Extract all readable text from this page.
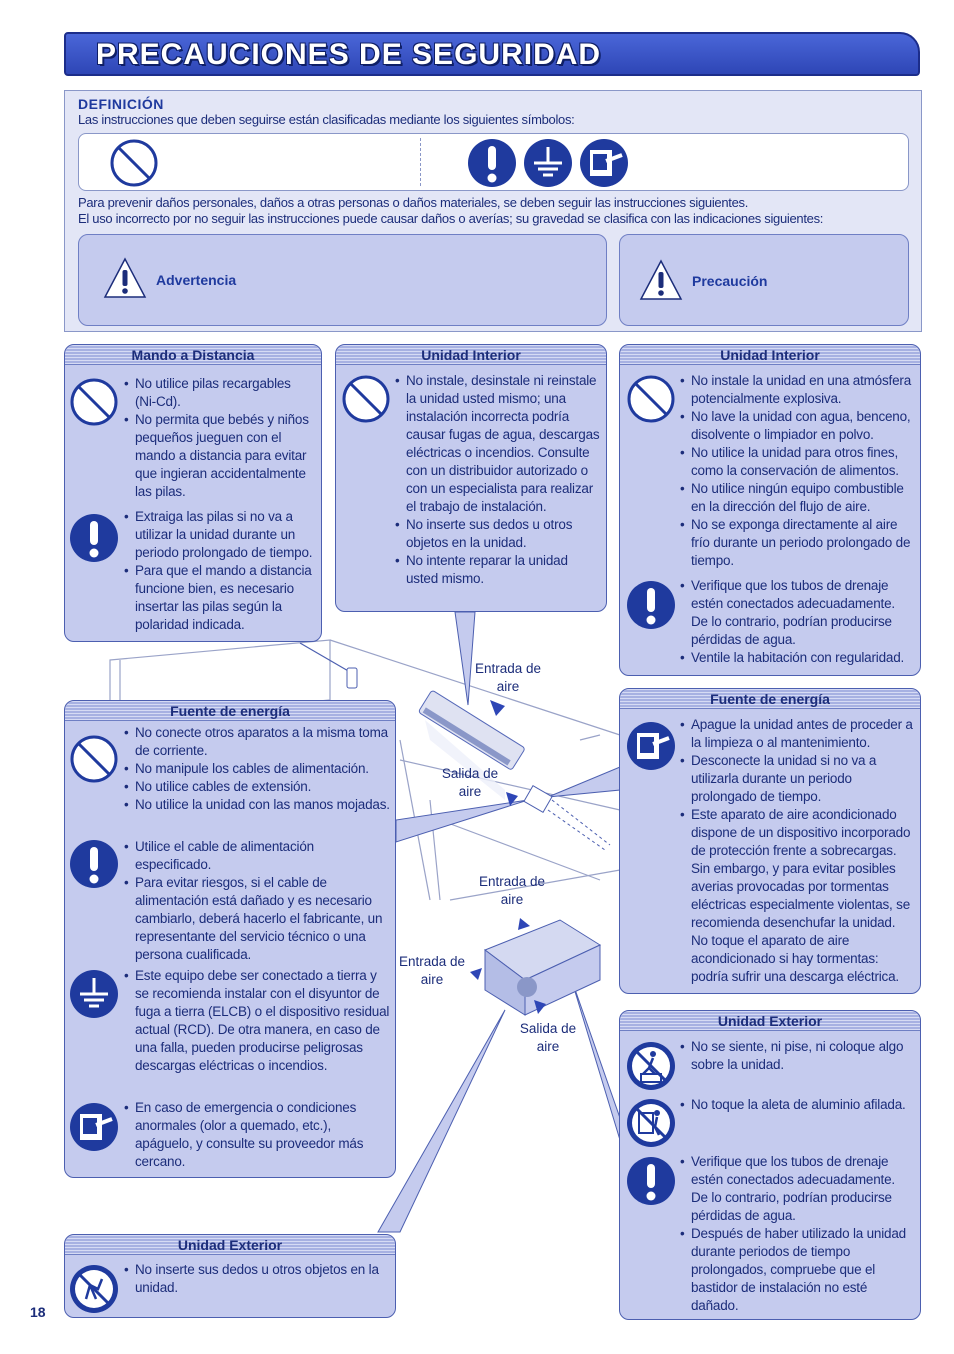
PRECAUCIONES DE SEGURIDAD
DEFINICIÓN
Las instrucciones que deben seguirse están clasificadas mediante los siguientes símbolos:
Para prevenir daños personales, daños a otras personas o daños materiales, se deben seguir las instrucciones siguientes.
El uso incorrecto por no seguir las instrucciones puede causar daños o averías; su gravedad se clasifica con las indicaciones siguientes:
Advertencia	Precaución
Mando a Distancia
• No utilice pilas recargables (Ni-Cd).
• No permita que bebés y niños pequeños jueguen con el mando a distancia para evitar que ingieran accidentalmente las pilas.
• Extraiga las pilas si no va a utilizar la unidad durante un periodo prolongado de tiempo.
• Para que el mando a distancia funcione bien, es necesario insertar las pilas según la polaridad indicada.
Unidad Interior
• No instale, desinstale ni reinstale la unidad usted mismo; una instalación incorrecta podría causar fugas de agua, descargas eléctricas o incendios. Consulte con un distribuidor autorizado o con un especialista para realizar el trabajo de instalación.
• No inserte sus dedos u otros objetos en la unidad.
• No intente reparar la unidad usted mismo.
Unidad Interior
• No instale la unidad en una atmósfera potencialmente explosiva.
• No lave la unidad con agua, benceno, disolvente o limpiador en polvo.
• No utilice la unidad para otros fines, como la conservación de alimentos.
• No utilice ningún equipo combustible en la dirección del flujo de aire.
• No se exponga directamente al aire frío durante un periodo prolongado de tiempo.
• Verifique que los tubos de drenaje estén conectados adecuadamente. De lo contrario, podrían producirse pérdidas de agua.
• Ventile la habitación con regularidad.
Fuente de energía
• No conecte otros aparatos a la misma toma de corriente.
• No manipule los cables de alimentación.
• No utilice cables de extensión.
• No utilice la unidad con las manos mojadas.
• Utilice el cable de alimentación especificado.
• Para evitar riesgos, si el cable de alimentación está dañado y es necesario cambiarlo, deberá hacerlo el fabricante, un representante del servicio técnico o una persona cualificada.
• Este equipo debe ser conectado a tierra y se recomienda instalar con el disyuntor de fuga a tierra (ELCB) o el dispositivo residual actual (RCD). De otra manera, en caso de una falla, pueden producirse peligrosas descargas eléctricas o incendios.
• En caso de emergencia o condiciones anormales (olor a quemado, etc.), apáguelo, y consulte su proveedor más cercano.
Fuente de energía
• Apague la unidad antes de proceder a la limpieza o al mantenimiento.
• Desconecte la unidad si no va a utilizarla durante un periodo prolongado de tiempo.
• Este aparato de aire acondicionado dispone de un dispositivo incorporado de protección frente a sobrecargas. Sin embargo, y para evitar posibles averias provocadas por tormentas eléctricas especialmente violentas, se recomienda desenchufar la unidad. No toque el aparato de aire acondicionado si hay tormentas: podría sufrir una descarga eléctrica.
Unidad Exterior
• No inserte sus dedos u otros objetos en la unidad.
Unidad Exterior
• No se siente, ni pise, ni coloque algo sobre la unidad.
• No toque la aleta de aluminio afilada.
• Verifique que los tubos de drenaje estén conectados adecuadamente. De lo contrario, podrían producirse pérdidas de agua.
• Después de haber utilizado la unidad durante periodos de tiempo prolongados, compruebe que el bastidor de instalación no esté dañado.
Entrada de aire
Salida de aire
Entrada de aire
Entrada de aire
Salida de aire
18
